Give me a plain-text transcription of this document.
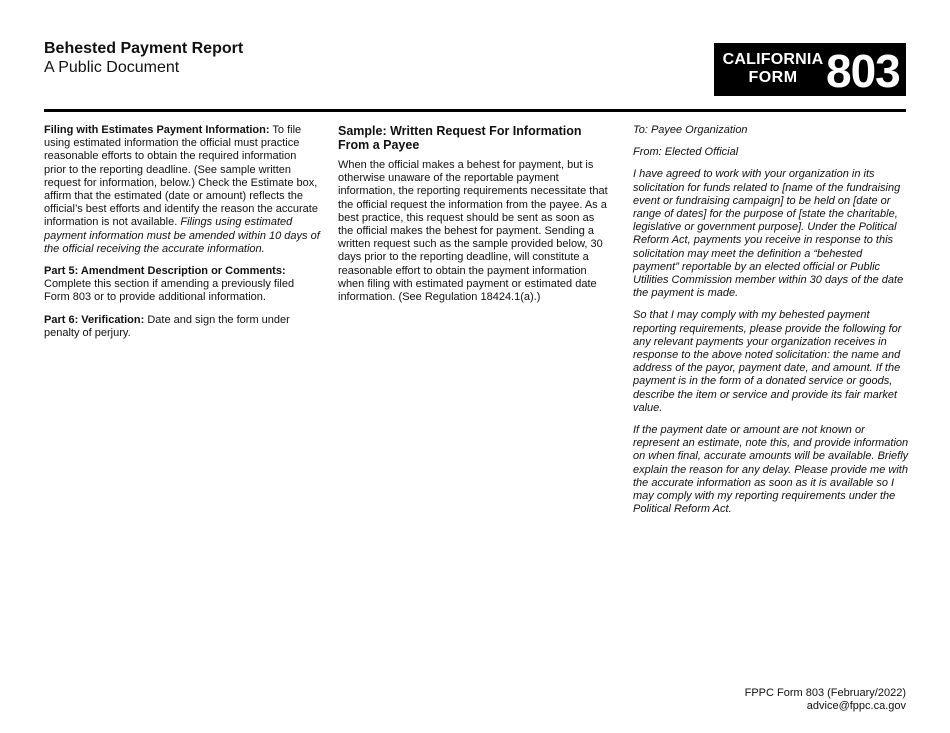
Behested Payment Report
A Public Document	CALIFORNIA
FORM 803

Filing with Estimates Payment Information: To file using estimated information the official must practice reasonable efforts to obtain the required information prior to the reporting deadline. (See sample written request for information, below.) Check the Estimate box, affirm that the estimated (date or amount) reflects the official’s best efforts and identify the reason the accurate information is not available. Filings using estimated payment information must be amended within 10 days of the official receiving the accurate information.

Part 5: Amendment Description or Comments:
Complete this section if amending a previously filed Form 803 or to provide additional information.

Part 6: Verification: Date and sign the form under penalty of perjury.

Sample: Written Request For Information From a Payee

When the official makes a behest for payment, but is otherwise unaware of the reportable payment information, the reporting requirements necessitate that the official request the information from the payee. As a best practice, this request should be sent as soon as the official makes the behest for payment. Sending a written request such as the sample provided below, 30 days prior to the reporting deadline, will constitute a reasonable effort to obtain the payment information when filing with estimated payment or estimated date information. (See Regulation 18424.1(a).)

To: Payee Organization

From: Elected Official

I have agreed to work with your organization in its solicitation for funds related to [name of the fundraising event or fundraising campaign] to be held on [date or range of dates] for the purpose of [state the charitable, legislative or government purpose]. Under the Political Reform Act, payments you receive in response to this solicitation may meet the definition a “behested payment” reportable by an elected official or Public Utilities Commission member within 30 days of the date the payment is made.

So that I may comply with my behested payment reporting requirements, please provide the following for any relevant payments your organization receives in response to the above noted solicitation: the name and address of the payor, payment date, and amount. If the payment is in the form of a donated service or goods, describe the item or service and provide its fair market value.

If the payment date or amount are not known or represent an estimate, note this, and provide information on when final, accurate amounts will be available. Briefly explain the reason for any delay. Please provide me with the accurate information as soon as it is available so I may comply with my reporting requirements under the Political Reform Act.

FPPC Form 803 (February/2022)
advice@fppc.ca.gov
